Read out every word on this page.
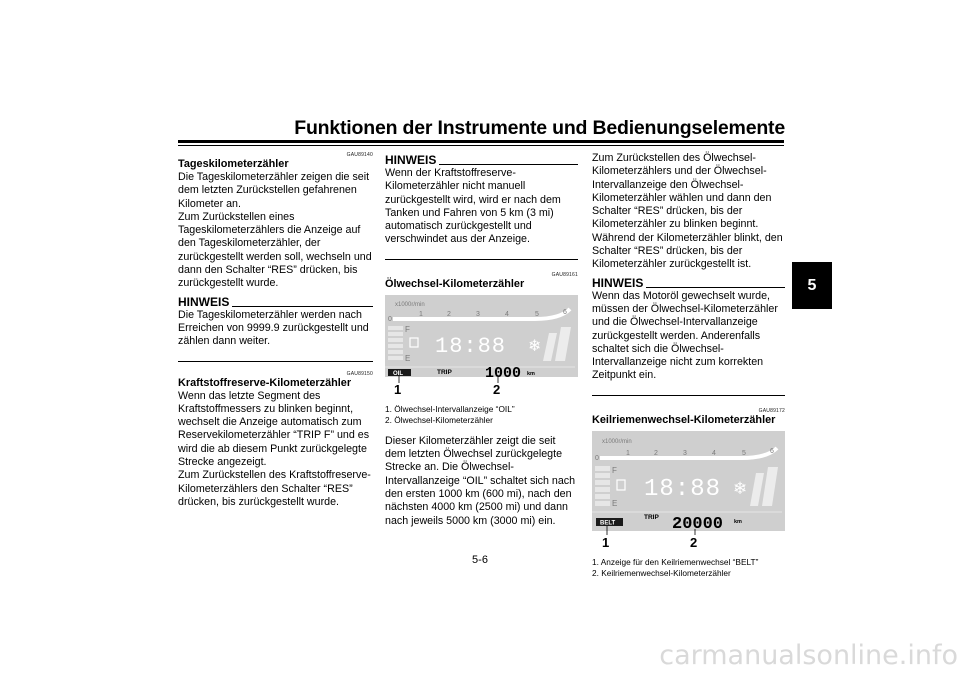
Funktionen der Instrumente und Bedienungselemente
5
GAU89140
Tageskilometerzähler

Die Tageskilometerzähler zeigen die seit dem letzten Zurückstellen gefahrenen Kilometer an.

Zum Zurückstellen eines Tageskilometerzählers die Anzeige auf den Tageskilometerzähler, der zurückgestellt werden soll, wechseln und dann den Schalter “RES” drücken, bis zurückgestellt wurde.

HINWEIS

Die Tageskilometerzähler werden nach Erreichen von 9999.9 zurückgestellt und zählen dann weiter.

GAU89150
Kraftstoffreserve-Kilometerzähler

Wenn das letzte Segment des Kraftstoffmessers zu blinken beginnt, wechselt die Anzeige automatisch zum Reservekilometerzähler “TRIP F” und es wird die ab diesem Punkt zurückgelegte Strecke angezeigt.

Zum Zurückstellen des Kraftstoffreserve-Kilometerzählers den Schalter “RES” drücken, bis zurückgestellt wurde.

HINWEIS

Wenn der Kraftstoffreserve-Kilometerzähler nicht manuell zurückgestellt wird, wird er nach dem Tanken und Fahren von 5 km (3 mi) automatisch zurückgestellt und verschwindet aus der Anzeige.

GAU89161
Ölwechsel-Kilometerzähler
x1000r/min
0
1	2	3	4	5	6
F
E 18:88 ❄
OIL	TRIP 1000 km
1	2
1. Ölwechsel-Intervallanzeige “OIL”
2. Ölwechsel-Kilometerzähler

Dieser Kilometerzähler zeigt die seit dem letzten Ölwechsel zurückgelegte Strecke an. Die Ölwechsel-Intervallanzeige “OIL” schaltet sich nach den ersten 1000 km (600 mi), nach den nächsten 4000 km (2500 mi) und dann nach jeweils 5000 km (3000 mi) ein.

Zum Zurückstellen des Ölwechsel-Kilometerzählers und der Ölwechsel-Intervallanzeige den Ölwechsel-Kilometerzähler wählen und dann den Schalter “RES” drücken, bis der Kilometerzähler zu blinken beginnt. Während der Kilometerzähler blinkt, den Schalter “RES” drücken, bis der Kilometerzähler zurückgestellt ist.

HINWEIS

Wenn das Motoröl gewechselt wurde, müssen der Ölwechsel-Kilometerzähler und die Ölwechsel-Intervallanzeige zurückgestellt werden. Anderenfalls schaltet sich die Ölwechsel-Intervallanzeige nicht zum korrekten Zeitpunkt ein.

GAU89172
Keilriemenwechsel-Kilometerzähler
x1000r/min
0
1	2	3	4	5	6
F
E
18:88 ❄
BELT
TRIP 20000 km
1	2
1. Anzeige für den Keilriemenwechsel “BELT”
2. Keilriemenwechsel-Kilometerzähler
5-6
carmanualsonline.info
